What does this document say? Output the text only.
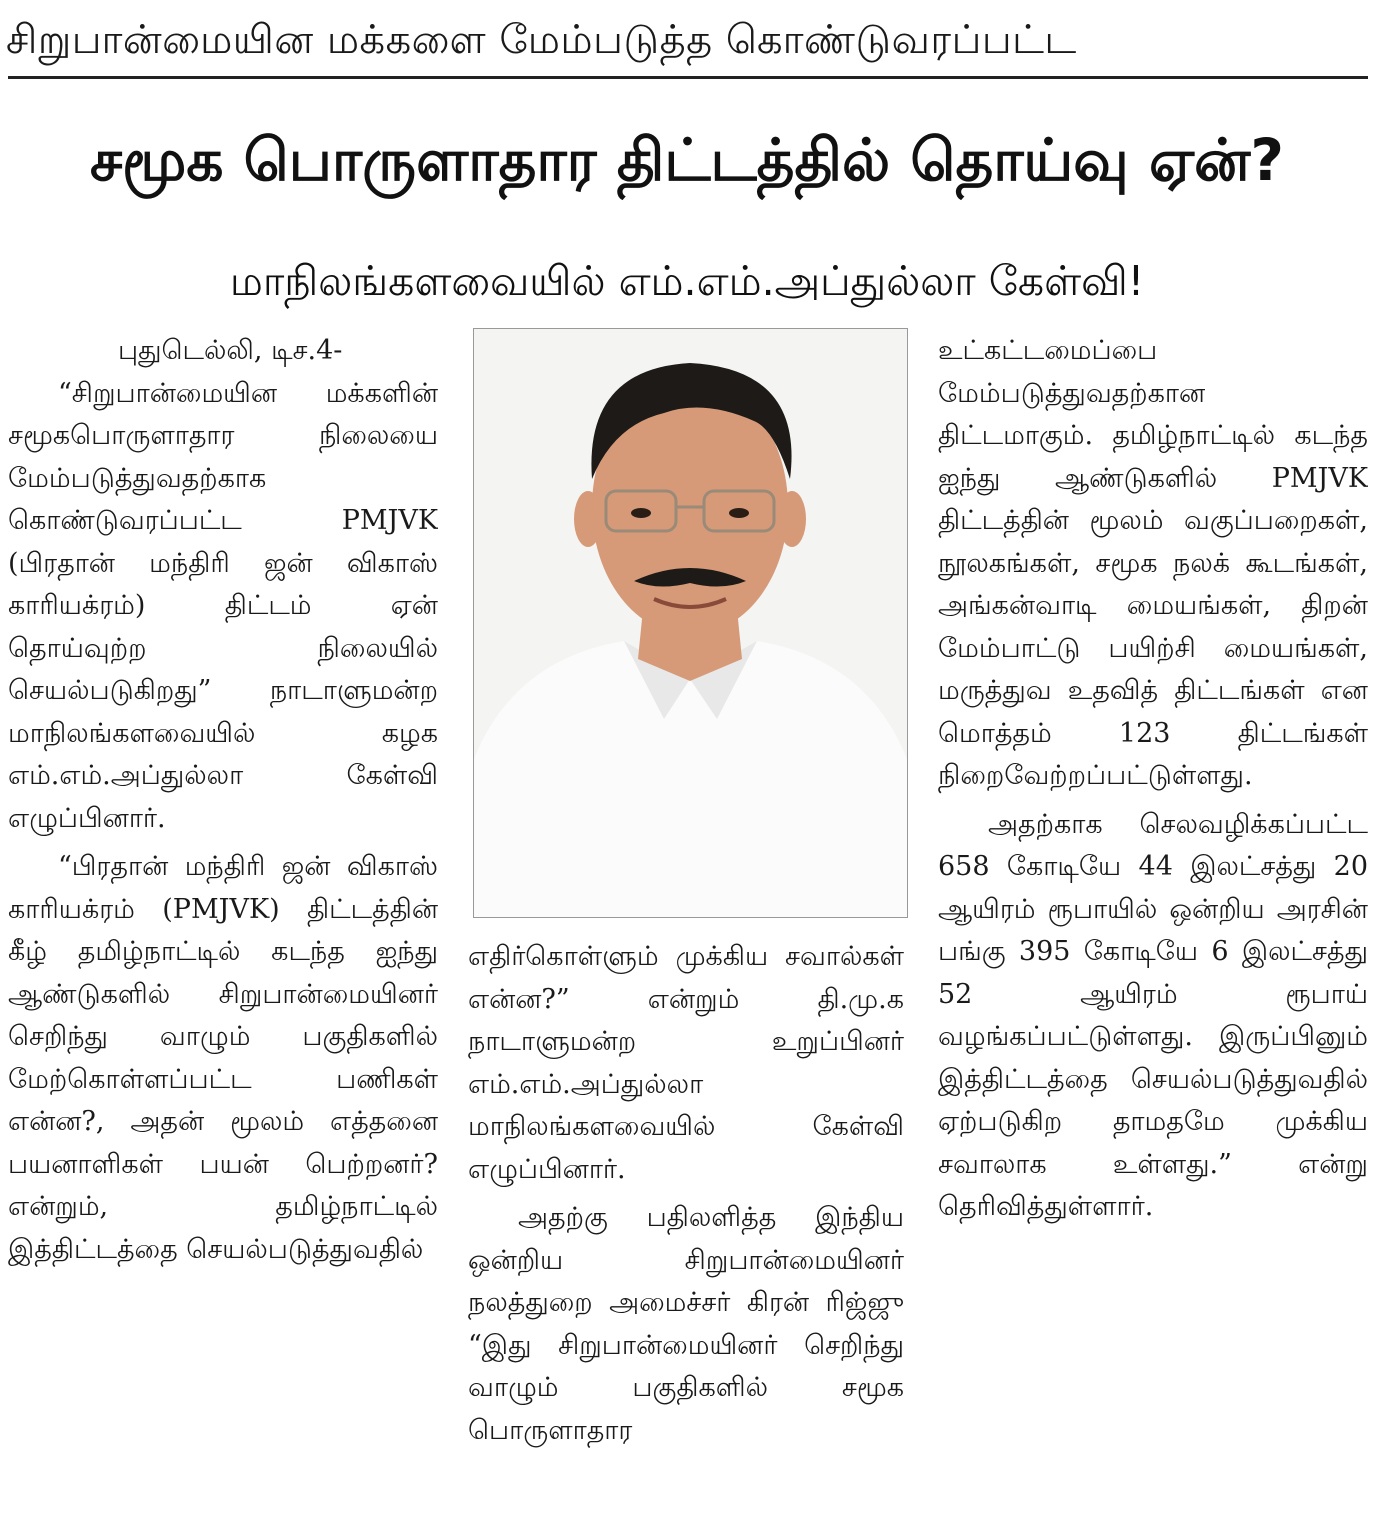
சிறுபான்மையின மக்களை மேம்படுத்த கொண்டுவரப்பட்ட
சமூக பொருளாதார திட்டத்தில் தொய்வு ஏன்?
மாநிலங்களவையில் எம்.எம்.அப்துல்லா கேள்வி!

புதுடெல்லி, டிச.4-

“சிறுபான்மையின மக்களின் சமூகபொருளாதார நிலையை மேம்படுத்துவதற்காக கொண்டுவரப்பட்ட PMJVK (பிரதான் மந்திரி ஜன் விகாஸ் காரியக்ரம்) திட்டம் ஏன் தொய்வுற்ற நிலையில் செயல்படுகிறது” நாடாளுமன்ற மாநிலங்களவையில் கழக எம்.எம்.அப்துல்லா கேள்வி எழுப்பினார்.

“பிரதான் மந்திரி ஜன் விகாஸ் காரியக்ரம் (PMJVK) திட்டத்தின் கீழ் தமிழ்நாட்டில் கடந்த ஐந்து ஆண்டுகளில் சிறுபான்மையினர் செறிந்து வாழும் பகுதிகளில் மேற்கொள்ளப்பட்ட பணிகள் என்ன?, அதன் மூலம் எத்தனை பயனாளிகள் பயன் பெற்றனர்? என்றும், தமிழ்நாட்டில் இத்திட்டத்தை செயல்படுத்துவதில்

எதிர்கொள்ளும் முக்கிய சவால்கள் என்ன?” என்றும் தி.மு.க நாடாளுமன்ற உறுப்பினர் எம்.எம்.அப்துல்லா மாநிலங்களவையில் கேள்வி எழுப்பினார்.

அதற்கு பதிலளித்த இந்திய ஒன்றிய சிறுபான்மையினர் நலத்துறை அமைச்சர் கிரன் ரிஜ்ஜு “இது சிறுபான்மையினர் செறிந்து வாழும் பகுதிகளில் சமூக பொருளாதார

உட்கட்டமைப்பை மேம்படுத்துவதற்கான திட்டமாகும். தமிழ்நாட்டில் கடந்த ஐந்து ஆண்டுகளில் PMJVK திட்டத்தின் மூலம் வகுப்பறைகள், நூலகங்கள், சமூக நலக் கூடங்கள், அங்கன்வாடி மையங்கள், திறன் மேம்பாட்டு பயிற்சி மையங்கள், மருத்துவ உதவித் திட்டங்கள் என மொத்தம் 123 திட்டங்கள் நிறைவேற்றப்பட்டுள்ளது.

அதற்காக செலவழிக்கப்பட்ட 658 கோடியே 44 இலட்சத்து 20 ஆயிரம் ரூபாயில் ஒன்றிய அரசின் பங்கு 395 கோடியே 6 இலட்சத்து 52 ஆயிரம் ரூபாய் வழங்கப்பட்டுள்ளது. இருப்பினும் இத்திட்டத்தை செயல்படுத்துவதில் ஏற்படுகிற தாமதமே முக்கிய சவாலாக உள்ளது.” என்று தெரிவித்துள்ளார்.
